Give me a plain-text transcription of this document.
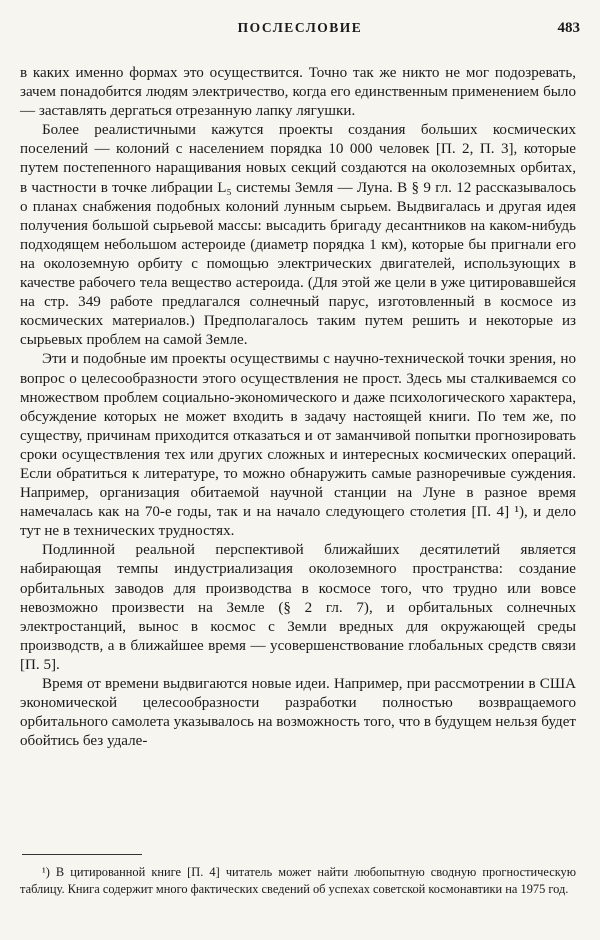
ПОСЛЕСЛОВИЕ	483

в каких именно формах это осуществится. Точно так же никто не мог подозревать, зачем понадобится людям электричество, когда его единственным применением было — заставлять дергаться отрезанную лапку лягушки.

Более реалистичными кажутся проекты создания больших космических поселений — колоний с населением порядка 10 000 человек [П. 2, П. 3], которые путем постепенного наращивания новых секций создаются на околоземных орбитах, в частности в точке либрации L₅ системы Земля — Луна. В § 9 гл. 12 рассказывалось о планах снабжения подобных колоний лунным сырьем. Выдвигалась и другая идея получения большой сырьевой массы: высадить бригаду десантников на каком-нибудь подходящем небольшом астероиде (диаметр порядка 1 км), которые бы пригнали его на околоземную орбиту с помощью электрических двигателей, использующих в качестве рабочего тела вещество астероида. (Для этой же цели в уже цитировавшейся на стр. 349 работе предлагался солнечный парус, изготовленный в космосе из космических материалов.) Предполагалось таким путем решить и некоторые из сырьевых проблем на самой Земле.

Эти и подобные им проекты осуществимы с научно-технической точки зрения, но вопрос о целесообразности этого осуществления не прост. Здесь мы сталкиваемся со множеством проблем социально-экономического и даже психологического характера, обсуждение которых не может входить в задачу настоящей книги. По тем же, по существу, причинам приходится отказаться и от заманчивой попытки прогнозировать сроки осуществления тех или других сложных и интересных космических операций. Если обратиться к литературе, то можно обнаружить самые разноречивые суждения. Например, организация обитаемой научной станции на Луне в разное время намечалась как на 70-е годы, так и на начало следующего столетия [П. 4] ¹), и дело тут не в технических трудностях.

Подлинной реальной перспективой ближайших десятилетий является набирающая темпы индустриализация околоземного пространства: создание орбитальных заводов для производства в космосе того, что трудно или вовсе невозможно произвести на Земле (§ 2 гл. 7), и орбитальных солнечных электростанций, вынос в космос с Земли вредных для окружающей среды производств, а в ближайшее время — усовершенствование глобальных средств связи [П. 5].

Время от времени выдвигаются новые идеи. Например, при рассмотрении в США экономической целесообразности разработки полностью возвращаемого орбитального самолета указывалось на возможность того, что в будущем нельзя будет обойтись без удале-

¹) В цитированной книге [П. 4] читатель может найти любопытную сводную прогностическую таблицу. Книга содержит много фактических сведений об успехах советской космонавтики на 1975 год.
